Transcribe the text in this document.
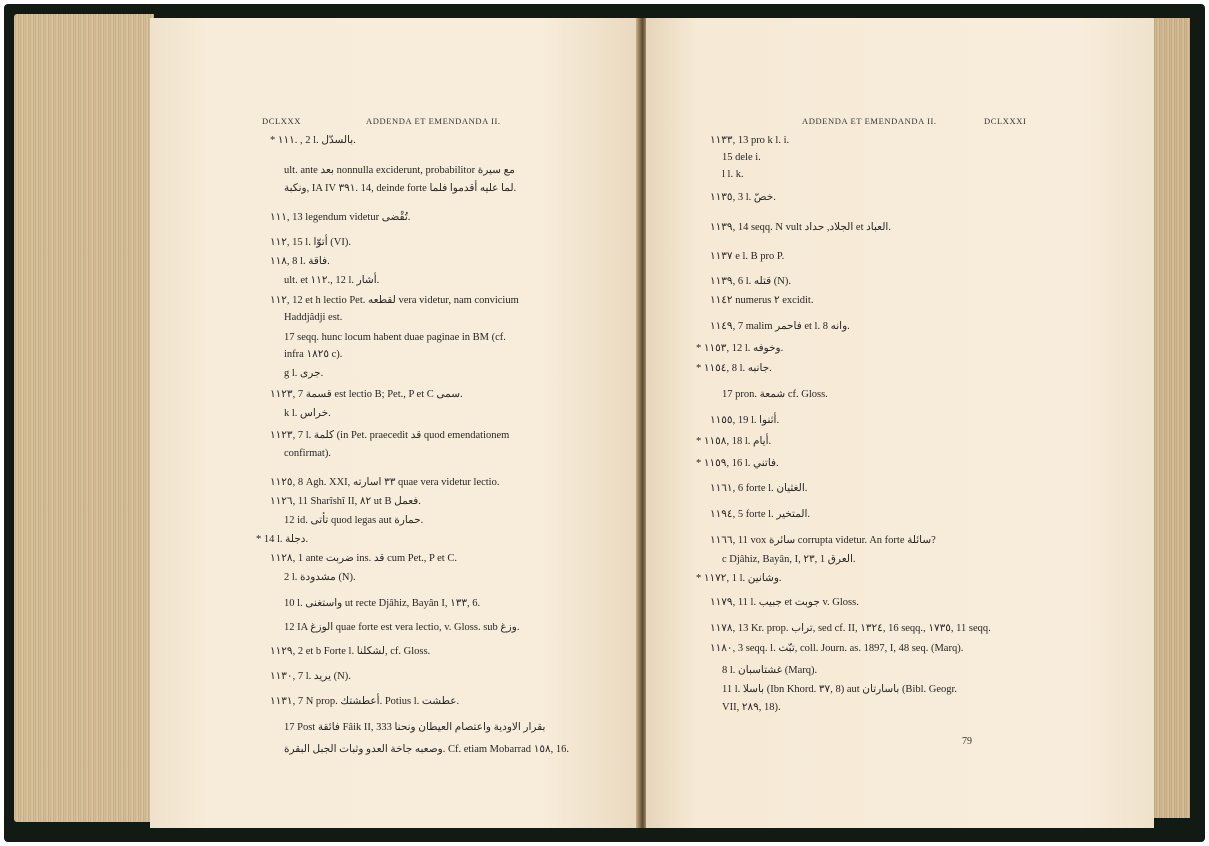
DCLXXX	ADDENDA ET EMENDANDA II.
* ١١١. , 2 l. بالسدّل.
ult. ante بعد nonnulla exciderunt, probabilitor مع سيرة
ونكبة, IA IV ٣٩١. 14, deinde forte لما عليه أقدموا فلما.
١١١, 13 legendum videtur تُقْضى.
١١٢, 15 l. أتوّا (VI).
١١٨, 8 l. فاقة.
ult. et ١١٢., 12 l. أشار.
١١٢, 12 et h lectio Pet. لقطعه vera videtur, nam convicium
Haddjâdji est.
17 seqq. hunc locum habent duae paginae in BM (cf.
infra ١٨٢٥ c).
g l. جرى.
١١٢٣, 7 قسمة est lectio B; Pet., P et C سمى.
k l. خراس.
١١٢٣, 7 l. كلمة (in Pet. praecedit قد quod emendationem
confirmat).
١١٢٥, 8 Agh. XXI, ٣٣ اسارته quae vera videtur lectio.
١١٢٦, 11 Sharîshî II, ٨٢ ut B فعمل.
12 id. تأتى quod legas aut حمارة.
* 14 l. دجلة.
١١٢٨, 1 ante ضربت ins. قد cum Pet., P et C.
2 l. مشدودة (N).
10 l. واستغنى ut recte Djâhiz, Bayân I, ١٣٣, 6.
12 IA الوزغ quae forte est vera lectio, v. Gloss. sub وزغ.
١١٢٩, 2 et b Forte l. لشكلنا, cf. Gloss.
١١٣٠, 7 l. يريد (N).
١١٣١, 7 N prop. أعطشتك. Potius l. عطشت.
17 Post فائقة Fâik II, 333 بقرار الاودية واعتصام العيطان ونحنا
وصعبه جاخة العدو وثبات الجبل البقرة. Cf. etiam Mobarrad ١٥٨, 16.
ADDENDA ET EMENDANDA II.	DCLXXXI
١١٣٣, 13 pro k l. i.
15 dele i.
l l. k.
١١٣٥, 3 l. خصّ.
١١٣٩, 14 seqq. N vult الجلاد, حداد et العباد.
١١٣٧ e l. B pro P.
١١٣٩, 6 l. قتله (N).
١١٤٢ numerus ٢ excidit.
١١٤٩, 7 malim فاحمر et l. 8 وانه.
* ١١٥٣, 12 l. وخوفه.
* ١١٥٤, 8 l. جانبه.
17 pron. شمعة cf. Gloss.
١١٥٥, 19 l. أثنوا.
* ١١٥٨, 18 l. أيام.
* ١١٥٩, 16 l. فاتني.
١١٦١, 6 forte l. الغثيان.
١١٩٤, 5 forte l. المتخير.
١١٦٦, 11 vox سائرة corrupta videtur. An forte سائلة?
c Djâhiz, Bayân, I, ٢٣, 1 العرق.
* ١١٧٢, 1 l. وشانين.
١١٧٩, 11 l. جبيب et جوبت v. Gloss.
١١٧٨, 13 Kr. prop. تراب, sed cf. II, ١٣٢٤, 16 seqq., ١٧٣٥, 11 seqq.
١١٨٠, 3 seqq. l. تبّت, coll. Journ. as. 1897, I, 48 seq. (Marq).
8 l. غشتاسبان (Marq).
11 l. باسلا (Ibn Khord. ٣٧, 8) aut باسارتان (Bibl. Geogr.
VII, ٢٨٩, 18).
79
